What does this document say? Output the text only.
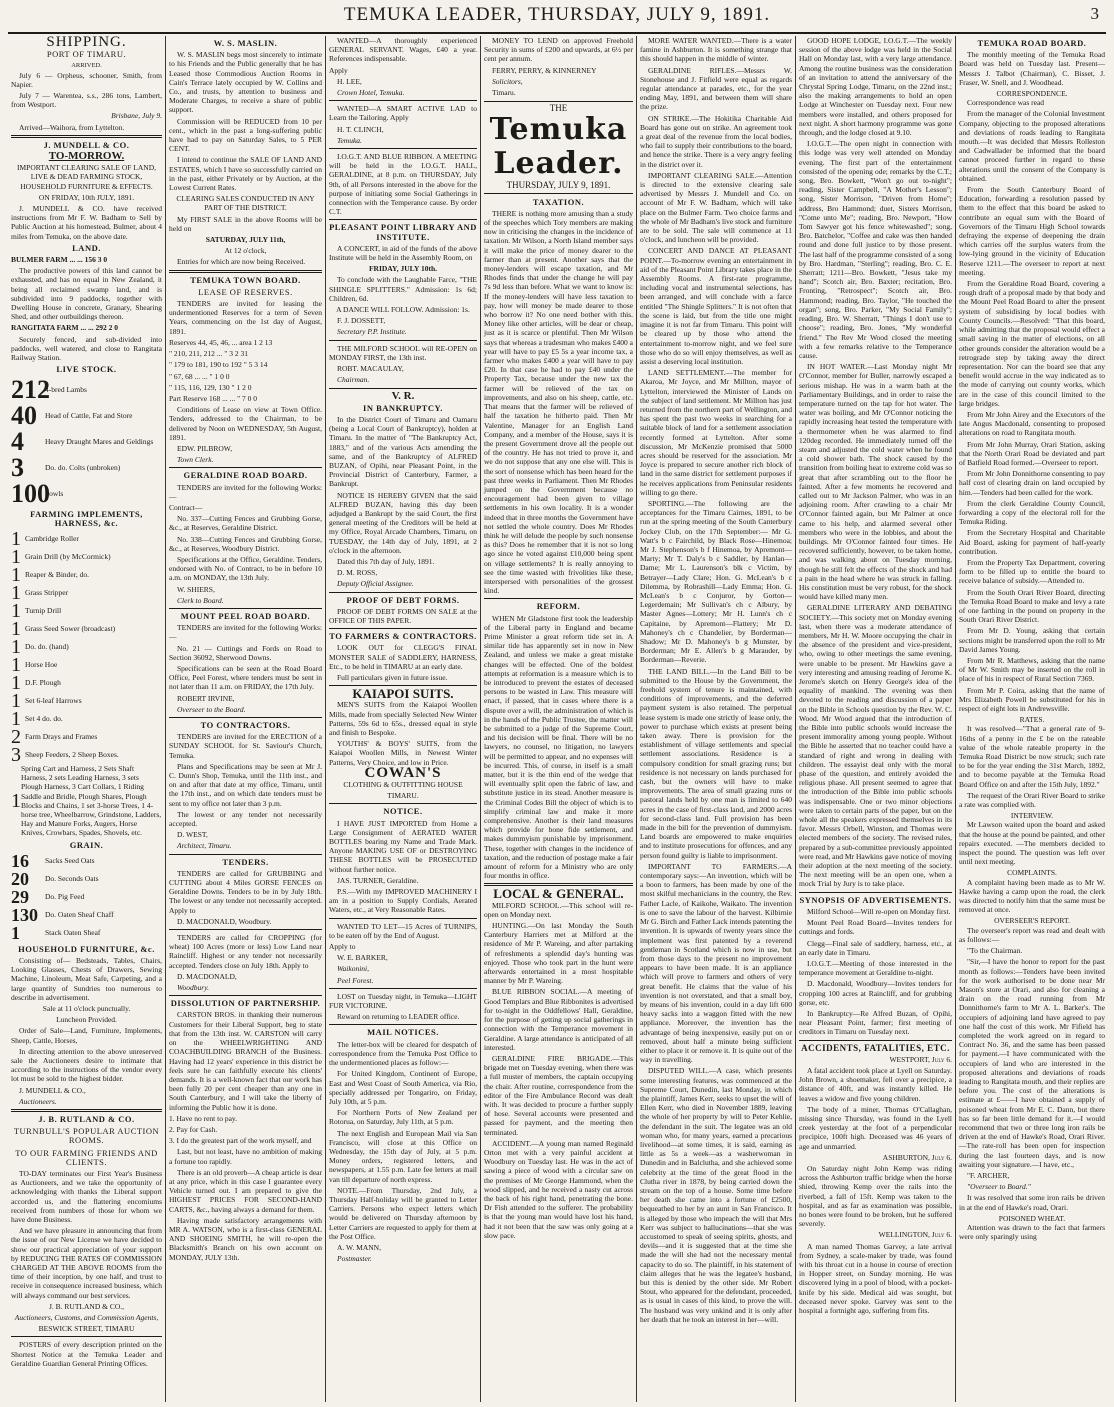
TEMUKA LEADER, THURSDAY, JULY 9, 1891.	3
SHIPPING.
PORT OF TIMARU.
ARRIVED.

July 6 — Orpheus, schooner, Smith, from Napier.

July 7 — Warentea, s.s., 286 tons, Lambert, from Westport.

Brisbane, July 9.

Arrived—Waihora, from Lyttelton.

J. MUNDELL & CO.
TO-MORROW.

IMPORTANT CLEARING SALE OF LAND, LIVE & DEAD FARMING STOCK, HOUSEHOLD FURNITURE & EFFECTS.

ON FRIDAY, 10th JULY, 1891.

J. MUNDELL & CO. have received instructions from Mr F. W. Badham to Sell by Public Auction at his homestead, Bulmer, about 4 miles from Temuka, on the above date.

LAND.

BULMER FARM ... ... 156 3 0

The productive powers of this land cannot be exhausted, and has no equal in New Zealand, it being all reclaimed swamp land, and is subdivided into 9 paddocks, together with Dwelling House in concrete, Granary, Shearing Shed, and other outbuildings thereon.

RANGITATA FARM ... ... 292 2 0

Securely fenced, and sub-divided into paddocks, well watered, and close to Rangitata Railway Station.

LIVE STOCK.
212
4-bred Lambs
40	Head of Cattle, Fat and Store
4	Heavy Draught Mares and Geldings
3	Do. do. Colts (unbroken)
100
Fowls
FARMING IMPLEMENTS, HARNESS, &c.
1 Cambridge Roller
1 Grain Drill (by McCormick)
1 Reaper & Binder, do.
1 Grass Stripper
1 Turnip Drill
1 Grass Seed Sower (broadcast)
1 Do. do. (hand)
1 Horse Hoe
1 D.F. Plough
1 Set 6-leaf Harrows
1 Set 4 do. do.
2 Farm Drays and Frames
3 Sheep Feeders, 2 Sheep Boxes.
1
Spring Cart and Harness, 2 Sets Shaft Harness, 2 sets Leading Harness, 3 sets Plough Harness, 3 Cart Collars, 1 Riding Saddle and Bridle, Plough Shares, Plough Blocks and Chains, 1 set 3-horse Trees, 1 4-horse tree, Wheelbarrow, Grindstone, Ladders, Hay and Manure Forks, Augers, Horse Knives, Crowbars, Spades, Shovels, etc.
GRAIN.
16	Sacks Seed Oats
20	Do. Seconds Oats
29	Do. Pig Feed
130 Do. Oaten Sheaf Chaff
1	Stack Oaten Sheaf
HOUSEHOLD FURNITURE, &c.

Consisting of— Bedsteads, Tables, Chairs, Looking Glasses, Chests of Drawers, Sewing Machine, Linoleum, Meat Safe, Carpeting, and a large quantity of Sundries too numerous to describe in advertisement.

Sale at 11 o'clock punctually.

Luncheon Provided.

Order of Sale—Land, Furniture, Implements, Sheep, Cattle, Horses,

In directing attention to the above unreserved sale the Auctioneers desire to intimate that according to the instructions of the vendor every lot must be sold to the highest bidder.

J. MUNDELL & CO.,

Auctioneers.

J. B. RUTLAND & CO.
TURNBULL'S POPULAR AUCTION ROOMS.
TO OUR FARMING FRIENDS AND CLIENTS.

TO-DAY terminates our First Year's Business as Auctioneers, and we take the opportunity of acknowledging with thanks the Liberal support accorded us, and the flattering encomiums received from numbers of those for whom we have done Business.

And we have pleasure in announcing that from the issue of our New License we have decided to show our practical appreciation of your support by REDUCING THE RATES OF COMMISSION CHARGED AT THE ABOVE ROOMS from the time of their inception, by one half, and trust to receive in consequence increased business, which will always command our best services.

J. B. RUTLAND & CO.,

Auctioneers, Customs, and Commission Agents,

BESWICK STREET, TIMARU

POSTERS of every description printed on the Shortest Notice at the Temuka Leader and Geraldine Guardian General Printing Offices.

W. S. MASLIN.

W. S. MASLIN begs most sincerely to intimate to his Friends and the Public generally that he has Leased those Commodious Auction Rooms in Cain's Terrace lately occupied by W. Collins and Co., and trusts, by attention to business and Moderate Charges, to receive a share of public support.

Commission will be REDUCED from 10 per cent., which in the past a long-suffering public have had to pay on Saturday Sales, to 5 PER CENT.

I intend to continue the SALE OF LAND AND ESTATES, which I have so successfully carried on in the past, either Privately or by Auction, at the Lowest Current Rates.

CLEARING SALES CONDUCTED IN ANY PART OF THE DISTRICT.

My FIRST SALE in the above Rooms will be held on

SATURDAY, JULY 11th,

At 12 o'clock,

Entries for which are now being Received.

TEMUKA TOWN BOARD.
LEASE OF RESERVES.

TENDERS are invited for leasing the undermentioned Reserves for a term of Seven Years, commencing on the 1st day of August, 1891.

Reserves 44, 45, 46, ... area 1 2 13

" 210, 211, 212 ... " 3 2 31

" 179 to 181, 190 to 192 " 5 3 14

" 67, 68 ... ... " 1 0 0

" 115, 116, 129, 130 " 1 2 0

Part Reserve 168 ... ... " 7 0 0

Conditions of Lease on view at Town Office. Tenders, addressed to the Chairman, to be delivered by Noon on WEDNESDAY, 5th August, 1891.

EDW. PILBROW,

Town Clerk.

GERALDINE ROAD BOARD.

TENDERS are invited for the following Works:—

Contract—

No. 337—Cutting Fences and Grubbing Gorse, &c., at Reserves, Geraldine District.

No. 338—Cutting Fences and Grubbing Gorse, &c., at Reserves, Woodbury District.

Specifications at the Office, Geraldine. Tenders, endorsed with No. of Contract, to be in before 10 a.m. on MONDAY, the 13th July.

W. SHIERS,

Clerk to Board.

MOUNT PEEL ROAD BOARD.

TENDERS are invited for the following Works:—

No. 21 — Cuttings and Fords on Road to Section 36092, Sherwood Downs.

Specifications can be seen at the Road Board Office, Peel Forest, where tenders must be sent in not later than 11 a.m. on FRIDAY, the 17th July.

ROBERT IRVINE,

Overseer to the Board.

TO CONTRACTORS.

TENDERS are invited for the ERECTION of a SUNDAY SCHOOL for St. Saviour's Church, Temuka.

Plans and Specifications may be seen at Mr J. C. Dunn's Shop, Temuka, until the 11th inst., and on and after that date at my office, Timaru, until the 17th inst., and on which date tenders must be sent to my office not later than 3 p.m.

The lowest or any tender not necessarily accepted.

D. WEST,

Architect, Timaru.

TENDERS.

TENDERS are called for GRUBBING and CUTTING about 4 Miles GORSE FENCES on Geraldine Downs. Tenders to be in by July 18th. The lowest or any tender not necessarily accepted. Apply to

D. MACDONALD, Woodbury.

TENDERS are called for CROPPING (for wheat) 100 Acres (more or less) Low Land near Raincliff. Highest or any tender not necessarily accepted. Tenders close on July 18th. Apply to

D. MACDONALD,

Woodbury.

DISSOLUTION OF PARTNERSHIP.

CARSTON BROS. in thanking their numerous Customers for their Liberal Support, beg to state that from the 13th inst. W. CARSTON will carry on the WHEELWRIGHTING AND COACHBUILDING BRANCH of the Business. Having had 12 years' experience in this district he feels sure he can faithfully execute his clients' demands. It is a well-known fact that our work has been fully 20 per cent cheaper than any one in South Canterbury, and I will take the liberty of informing the Public how it is done.

1. Have no rent to pay.

2. Pay for Cash.

3. I do the greatest part of the work myself, and

Last, but not least, have no ambition of making a fortune too rapidly.

There is an old proverb—A cheap article is dear at any price, which in this case I guarantee every Vehicle turned out. I am prepared to give the HIGHEST PRICES FOR SECOND-HAND CARTS, &c., having always a demand for them.

Having made satisfactory arrangements with MR A. WATSON, who is a first-class GENERAL AND SHOEING SMITH, he will re-open the Blacksmith's Branch on his own account on MONDAY, JULY 13th.

WANTED—A thoroughly experienced GENERAL SERVANT. Wages, £40 a year. References indispensable.

Apply

H. LEE,

Crown Hotel, Temuka.

WANTED—A SMART ACTIVE LAD to Learn the Tailoring. Apply

H. T. CLINCH,

Temuka.

I.O.G.T. AND BLUE RIBBON. A MEETING will be held in the I.O.G.T. HALL, GERALDINE, at 8 p.m. on THURSDAY, July 9th, of all Persons interested in the above for the purpose of initiating some Social Gatherings in connection with the Temperance cause. By order C.T.

PLEASANT POINT LIBRARY AND INSTITUTE.

A CONCERT, in aid of the funds of the above Institute will be held in the Assembly Room, on

FRIDAY, JULY 10th.

To conclude with the Laughable Farce, "THE SHINGLE SPLITTERS." Admission: 1s 6d; Children, 6d.

A DANCE WILL FOLLOW. Admission: 1s.

F. J. DOSSETT,

Secretary P.P. Institute.

THE MILFORD SCHOOL will RE-OPEN on MONDAY FIRST, the 13th inst.

ROBT. MACAULAY,

Chairman.

V. R.
IN BANKRUPTCY.

In the District Court of Timaru and Oamaru (being a Local Court of Bankruptcy), holden at Timaru. In the matter of "The Bankruptcy Act, 1883," and of the various Acts amending the same, and of the Bankruptcy of ALFRED BUZAN, of Opihi, near Pleasant Point, in the Provincial District of Canterbury, Farmer, a Bankrupt.

NOTICE IS HEREBY GIVEN that the said ALFRED BUZAN, having this day been adjudged a Bankrupt by the said Court, the first general meeting of the Creditors will be held at my Office, Royal Arcade Chambers, Timaru, on TUESDAY, the 14th day of July, 1891, at 2 o'clock in the afternoon.

Dated this 7th day of July, 1891.

D. M. ROSS,

Deputy Official Assignee.

PROOF OF DEBT FORMS.

PROOF OF DEBT FORMS ON SALE at the OFFICE OF THIS PAPER.

TO FARMERS & CONTRACTORS.

LOOK OUT for CLEGG'S FINAL MONSTER SALE of SADDLERY, HARNESS, Etc., to be held in TIMARU at an early date.

Full particulars given in future issue.

KAIAPOI SUITS.

MEN'S SUITS from the Kaiapoi Woollen Mills, made from specially Selected New Winter Patterns, 59s 6d to 65s., dressed equal in style and finish to Bespoke.

YOUTHS' & BOYS' SUITS, from the Kaiapoi Woollen Mills, in Newest Winter Patterns, Very Choice, and low in Price.

COWAN'S

CLOTHING & OUTFITTING HOUSE

TIMARU.

NOTICE.

I HAVE JUST IMPORTED from Home a Large Consignment of AERATED WATER BOTTLES bearing my Name and Trade Mark. Anyone MAKING USE OF or DESTROYING THESE BOTTLES will be PROSECUTED without further notice.

JAS. TURNER, Geraldine.

P.S.—With my IMPROVED MACHINERY I am in a position to Supply Cordials, Aerated Waters, etc., at Very Reasonable Rates.

WANTED TO LET—15 Acres of TURNIPS, to be eaten off by the End of August.

Apply to

W. E. BARKER,

Waikonini,

Peel Forest.

LOST on Tuesday night, in Temuka—LIGHT FUR VICTORINE.

Reward on returning to LEADER office.

MAIL NOTICES.

The letter-box will be cleared for despatch of correspondence from the Temuka Post Office to the undermentioned places as follow:—

For United Kingdom, Continent of Europe, East and West Coast of South America, via Rio, specially addressed per Tongariro, on Friday, July 10th, at 5 p.m.

For Northern Ports of New Zealand per Rotorua, on Saturday, July 11th, at 5 p.m.

The next English and European Mail via San Francisco, will close at this Office on Wednesday, the 15th day of July, at 5 p.m. Money orders, registered letters, and newspapers, at 1.55 p.m. Late fee letters at mail van till departure of north express.

NOTE.—From Thursday, 2nd July, a Thursday Half-holiday will be granted to Letter Carriers. Persons who expect letters which would be delivered on Thursday afternoon by Letter Carriers are requested to apply for them at the Post Office.

A. W. MANN,

Postmaster.

MONEY TO LEND on approved Freehold Security in sums of £200 and upwards, at 6½ per cent per annum.

FERRY, PERRY, & KINNERNEY

Solicitors,

Timaru.

THE
Temuka Leader.
THURSDAY, JULY 9, 1891.
TAXATION.

THERE is nothing more amusing than a study of the speeches which Tory members are making now in criticising the changes in the incidence of taxation. Mr Wilson, a North Island member says it will make the price of money dearer to the farmer than at present. Another says that the money-lenders will escape taxation, and Mr Rhodes finds that under the change he will pay 7s 9d less than before. What we want to know is: If the money-lenders will have less taxation to pay, how will money be made dearer to those who borrow it? No one need bother with this. Money like other articles, will be dear or cheap, just as it is scarce or plentiful. Then Mr Wilson says that whereas a tradesman who makes £400 a year will have to pay £5 5s a year income tax, a farmer who makes £400 a year will have to pay £20. In that case he had to pay £40 under the Property Tax, because under the new tax the farmer will be relieved of the tax on improvements, and also on his sheep, cattle, etc. That means that the farmer will be relieved of half the taxation he hitherto paid. Then Mr Valentine, Manager for an English Land Company, and a member of the House, says it is the present Government drove all the people out of the country. He has not tried to prove it, and we do not suppose that any one else will. This is the sort of nonsense which has been heard for the past three weeks in Parliament. Then Mr Rhodes jumped on the Government because no encouragement had been given to village settlements in his own locality. It is a wonder indeed that in three months the Government have not settled the whole country. Does Mr Rhodes think he will delude the people by such nonsense as this? Does he remember that it is not so long ago since he voted against £10,000 being spent on village settlements? It is really annoying to see the time wasted with frivolities like these, interspersed with personalities of the grossest kind.

REFORM.

WHEN Mr Gladstone first took the leadership of the Liberal party in England and became Prime Minister a great reform tide set in. A similar tide has apparently set in now in New Zealand, and unless we make a great mistake changes will be effected. One of the boldest attempts at reformation is a measure which is to be introduced to prevent the estates of deceased persons to be wasted in Law. This measure will enact, if passed, that in cases where there is a dispute over a will, the administration of which is in the hands of the Public Trustee, the matter will be submitted to a judge of the Supreme Court, and his decision will be final. There will be no lawyers, no counsel, no litigation, no lawyers will be permitted to appear, and no expenses will be incurred. This, of course, in itself is a small matter, but it is the thin end of the wedge that will eventually split open the fabric of law, and substitute justice in its stead. Another measure is the Criminal Codes Bill the object of which is to simplify criminal law and make it more comprehensive. Another is their land measures which provide for bone fide settlement, and makes dummyism punishable by imprisonment. These, together with changes in the incidence of taxation, and the reduction of postage make a fair amount of reform for a Ministry who are only four months in office.

LOCAL & GENERAL.

MILFORD SCHOOL.—This school will re-open on Monday next.

HUNTING.—On last Monday the South Canterbury Harriers met at Milford at the residence of Mr P. Wareing, and after partaking of refreshments a splendid day's hunting was enjoyed. Those who took part in the hunt were afterwards entertained in a most hospitable manner by Mr P. Wareing.

BLUE RIBBON SOCIAL.—A meeting of Good Templars and Blue Ribbonites is advertised for to-night in the Oddfellows' Hall, Geraldine, for the purpose of getting up social gatherings in connection with the Temperance movement in Geraldine. A large attendance is anticipated of all interested.

GERALDINE FIRE BRIGADE.—This brigade met on Tuesday evening, when there was a full muster of members, the captain occupying the chair. After routine, correspondence from the editor of the Fire Ambulance Record was dealt with. It was decided to procure a further supply of hose. Several accounts were presented and passed for payment, and the meeting then terminated.

ACCIDENT.—A young man named Reginald Orton met with a very painful accident at Woodbury on Tuesday last. He was in the act of sawing a piece of wood with a circular saw on the premises of Mr George Hammond, when the wood slipped, and he received a nasty cut across the back of his right hand, penetrating the bone. Dr Fish attended to the sufferer. The probability is that the young man would have lost his hand, had it not been that the saw was only going at a slow pace.

MORE WATER WANTED.—There is a water famine in Ashburton. It is something strange that this should happen in the middle of winter.

GERALDINE RIFLES.—Messrs W. Stonehouse and J. Fitfield were equal as regards regular attendance at parades, etc., for the year ending May, 1891, and between them will share the prize.

ON STRIKE.—The Hokitika Charitable Aid Board has gone out on strike. An agreement took a great deal of the revenue from the local bodies, who fail to supply their contributions to the board, and hence the strike. There is a very angry feeling in the district over it.

IMPORTANT CLEARING SALE.—Attention is directed to the extensive clearing sale advertised by Messrs J. Mundell and Co. on account of Mr F. W. Badham, which will take place on the Bulmer Farm. Two choice farms and the whole of Mr Badham's live stock and furniture are to be sold. The sale will commence at 11 o'clock, and luncheon will be provided.

CONCERT AND DANCE AT PLEASANT POINT.—To-morrow evening an entertainment in aid of the Pleasant Point Library takes place in the Assembly Rooms. A first-rate programme, including vocal and instrumental selections, has been arranged, and will conclude with a farce entitled "The Shingle Splitters." It is not often that the scene is laid, but from the title one might imagine it is not far from Timaru. This point will be cleared up by those who attend the entertainment to-morrow night, and we feel sure those who do so will enjoy themselves, as well as assist a deserving local institution.

LAND SETTLEMENT.—The member for Akaroa, Mr Joyce, and Mr Millton, mayor of Lyttelton, interviewed the Minister of Lands on the subject of land settlement. Mr Millton has just returned from the northern part of Wellington, and has spent the past two weeks in searching for a suitable block of land for a settlement association recently formed at Lyttelton. After some discussion, Mr McKenzie promised that 5000 acres should be reserved for the association. Mr Joyce is prepared to secure another rich block of land in the same district for settlement purposes if he receives applications from Peninsular residents willing to go there.

SPORTING.—The following are the acceptances for the Timaru Cairnes, 1891, to be run at the spring meeting of the South Canterbury Jockey Club, on the 17th September:— Mr G. Watt's b c Fairchild, by Black Rose—Hinemoa; Mr J. Stephenson's b f Hinemoa, by Apremont—Marty; Mr T. Daly's b c Saddler, by Hanlan—Dame; Mr L. Laurenson's blk c Victim, by Betrayer—Lady Clare; Hon. G. McLean's b c Dilemma, by Robrashill—Lady Emma; Hon. G. McLean's b c Conjuror, by Gorton—Legerdemain; Mr Sullivan's ch c Albury, by Master Agnes—Lottery; Mr H. Lunn's ch c Capitaine, by Apremont—Flattery; Mr D. Mahoney's ch c Chandelier, by Borderman—Shadow; Mr D. Mahoney's b g Munster, by Borderman; Mr E. Allen's b g Marauder, by Borderman—Reverie.

THE LAND BILL.—In the Land Bill to be submitted to the House by the Government, the freehold system of tenure is maintained, with conditions of improvements, and the deferred payment system is also retained. The perpetual lease system is made one strictly of lease only, the power to purchase which exists at present being taken away. There is provision for the establishment of village settlements and special settlement associations. Residence is a compulsory condition for small grazing runs; but residence is not necessary on lands purchased for cash, but the owners will have to make improvements. The area of small grazing runs or pastoral lands held by one man is limited to 640 acres in the case of first-class land, and 2000 acres for second-class land. Full provision has been made in the bill for the prevention of dummyism. Land boards are empowered to make enquiries and to institute prosecutions for offences, and any person found guilty is liable to imprisonment.

IMPORTANT TO FARMERS.—A contemporary says:—An invention, which will be a boon to farmers, has been made by one of the most skilful mechanicians in the country, the Rev. Father Lacle, of Kaikohe, Waikato. The invention is one to save the labour of the harvest. Kilbirnie Mr G. Birch and Father Lack intends patenting the invention. It is upwards of twenty years since the implement was first patented by a reverend gentleman in Scotland which is now in use, but from those days to the present no improvement appears to have been made. It is an appliance which will prove to farmers and others of very great benefit. He claims that the value of his invention is not overstated, and that a small boy, by means of his invention, could in a day lift 600 heavy sacks into a waggon fitted with the new appliance. Moreover, the invention has the advantage of being inexpensive, easily put on or removed, about half a minute being sufficient either to place it or remove it. It is quite out of the way in travelling.

DISPUTED WILL.—A case, which presents some interesting features, was commenced at the Supreme Court, Dunedin, last Monday, in which the plaintiff, James Kerr, seeks to upset the will of Ellen Kerr, who died in November 1889, leaving the whole of her property by will to Peter Kehlie, the defendant in the suit. The legatee was an old woman who, for many years, earned a precarious livelihood—at some times, it is said, earning as little as 5s a week—as a washerwoman in Dunedin and in Balclutha, and she achieved some celebrity at the time of the great flood in the Clutha river in 1878, by being carried down the stream on the top of a house. Some time before her death she came into a fortune of £2500, bequeathed to her by an aunt in San Francisco. It is alleged by those who impeach the will that Mrs Kerr was subject to hallucinations—that she was accustomed to speak of seeing spirits, ghosts, and devils—and it is suggested that at the time she made the will she had not the necessary mental capacity to do so. The plaintiff, in his statement of claim alleges that he was the legatee's husband, but this is denied by the other side. Mr Robert Stout, who appeared for the defendant, proceeded, as is usual in cases of this kind, to prove the will. The husband was very unkind and it is only after her death that he took an interest in her—will.

GOOD HOPE LODGE, I.O.G.T.—The weekly session of the above lodge was held in the Social Hall on Monday last, with a very large attendance. Among the routine business was the consideration of an invitation to attend the anniversary of the Chrystal Spring Lodge, Timaru, on the 22nd inst.; also the making arrangements to hold an open Lodge at Winchester on Tuesday next. Four new members were installed, and others proposed for next night. A short harmony programme was gone through, and the lodge closed at 9.10.

I.O.G.T.—The open night in connection with this lodge was very well attended on Monday evening. The first part of the entertainment consisted of the opening ode; remarks by the C.T.; song, Bro. Bowkett, "Won't go out to-night"; reading, Sister Campbell, "A Mother's Lesson"; song, Sister Morrison, "Driven from Home"; address, Bro Hammond; duet, Sisters Morrison, "Come unto Me"; reading, Bro. Newport, "How Tom Sawyer got his fence whitewashed"; song, Bro. Batchelor, "Coffee and cake was then handed round and done full justice to by those present. The last half of the programme consisted of a song by Bro. Hardman, "Sterling"; reading, Bro. C. E. Sherratt; 1211—Bro. Bowkett, "Jesus take my hand"; Scotch air, Bro. Baxter; recitation, Bro. Fronting, "Retrospect"; Scotch air, Bro. Hammond; reading, Bro. Taylor, "He touched the organ"; song, Bro. Parker, "My Social Family"; reading, Bro. W. Sherratt, "Things I don't use to choose"; reading, Bro. Jones, "My wonderful friend." The Rev Mr Wood closed the meeting with a few remarks relative to the Temperance cause.

IN HOT WATER.—Last Monday night Mr O'Connor, member for Buller, narrowly escaped a serious mishap. He was in a warm bath at the Parliamentary Buildings, and in order to raise the temperature turned on the tap for hot water. The water was boiling, and Mr O'Connor noticing the rapidly increasing heat tested the temperature with a thermometer when he was alarmed to find 120deg recorded. He immediately turned off the steam and adjusted the cold water when he found a cold shower bath. The shock caused by the transition from boiling heat to extreme cold was so great that after scrambling out to the floor he fainted. After a few moments he recovered and called out to Mr Jackson Palmer, who was in an adjoining room. After crawling to a chair Mr O'Connor fainted again, but Mr Palmer at once came to his help, and alarmed several other members who were in the lobbies, and about the buildings. Mr O'Connor fainted four times. He recovered sufficiently, however, to be taken home, and was walking about on Tuesday morning, though he still felt the effects of the shock and had a pain in the head where he was struck in falling. His constitution must be very robust, for the shock would have killed many men.

GERALDINE LITERARY AND DEBATING SOCIETY.—This society met on Monday evening last, when there was a moderate attendance of members, Mr H. W. Moore occupying the chair in the absence of the president and vice-president, who, owing to other meetings the same evening, were unable to be present. Mr Hawkins gave a very interesting and amusing reading of Jerome K. Jerome's sketch on Henry George's idea of the equality of mankind. The evening was then devoted to the reading and discussion of a paper on the Bible in Schools question by the Rev. W. C. Wood. Mr Wood argued that the introduction of the Bible into public schools would increase the present immorality among young people. Without the Bible he asserted that no teacher could have a standard of right and wrong in dealing with children. The essayist deal only with the moral phase of the question, and entirely avoided the religious phase. All present seemed to agree that the introduction of the Bible into public schools was indispensable. One or two minor objections were taken to certain parts of the paper, but on the whole all the speakers expressed themselves in its favor. Messrs Orbell, Winston, and Thomas were elected members of the society. The revised rules, prepared by a sub-committee previously appointed were read, and Mr Hawkins gave notice of moving their adoption at the next meeting of the society. The next meeting will be an open one, when a mock Trial by Jury is to take place.

SYNOPSIS OF ADVERTISEMENTS.

Milford School—Will re-open on Monday first.

Mount Peel Road Board—Invites tenders for cuttings and fords.

Clegg—Final sale of saddlery, harness, etc., at an early date in Timaru.

I.O.G.T.—Meeting of those interested in the temperance movement at Geraldine to-night.

D. Macdonald, Woodbury—Invites tenders for cropping 100 acres at Raincliff, and for grubbing gorse, etc.

In Bankruptcy—Re Alfred Buzan, of Opihi, near Pleasant Point, farmer; first meeting of creditors in Timaru on Tuesday next.

ACCIDENTS, FATALITIES, ETC.

WESTPORT, July 6.

A fatal accident took place at Lyell on Saturday. John Brown, a shoemaker, fell over a precipice, a distance of 40ft, and was instantly killed. He leaves a widow and five young children.

The body of a miner, Thomas O'Callaghan, missing since Thursday, was found in the Lyell creek yesterday at the foot of a perpendicular precipice, 100ft high. Deceased was 46 years of age and unmarried.

ASHBURTON, July 6.

On Saturday night John Kemp was riding across the Ashburton traffic bridge when the horse shied, throwing Kemp over the rails into the riverbed, a fall of 15ft. Kemp was taken to the hospital, and as far as examination was possible, no bones were found to be broken, but he suffered severely.

WELLINGTON, July 6.

A man named Thomas Garvey, a late arrival from Sydney, a scale-maker by trade, was found with his throat cut in a house in course of erection in Hopper street, on Sunday morning. He was discovered lying in a pool of blood, with a pocket-knife by his side. Medical aid was sought, but deceased never spoke. Garvey was sent to the hospital a fortnight ago, suffering from fits.

TEMUKA ROAD BOARD.

The monthly meeting of the Temuka Road Board was held on Tuesday last. Present—Messrs J. Talbot (Chairman), C. Bisset, J. Fraser, W. Snell, and J. Woodhead.

CORRESPONDENCE.

Correspondence was read

From the manager of the Colonial Investment Company, objecting to the proposed alterations and deviations of roads leading to Rangitata mouth.—It was decided that Messrs Rolleston and Cadwallader be informed that the board cannot proceed further in regard to these alterations until the consent of the Company is obtained.

From the South Canterbury Board of Education, forwarding a resolution passed by them to the effect that this board be asked to contribute an equal sum with the Board of Governors of the Timaru High School towards defraying the expense of deepening the drain which carries off the surplus waters from the low-lying ground in the vicinity of Education Reserve 1211.—The overseer to report at next meeting.

From the Geraldine Road Board, covering a rough draft of a proposal made by that body and the Mount Peel Road Board to alter the present system of subsidising by local bodies with County Councils.—Resolved: "That this board, while admitting that the proposal would effect a small saving in the matter of elections, on all other grounds consider the alteration would be a retrograde step by taking away the direct representation. Nor can the board see that any benefit would accrue in the way indicated as to the mode of carrying out county works, which are in the case of this council limited to the large bridges.

From Mr John Airey and the Executors of the late Angus Macdonald, consenting to proposed alterations on road to Rangitata mouth.

From Mr John Murray, Orari Station, asking that the North Orari Road be deviated and part of Batfield Road formed.—Overseer to report.

From Mr John Donnithorne consenting to pay half cost of clearing drain on land occupied by him.—Tenders had been called for the work.

From the clerk Geraldine County Council, forwarding a copy of the electoral roll for the Temuka Riding.

From the Secretary Hospital and Charitable Aid Board, asking for payment of half-yearly contribution.

From the Property Tax Department, covering form to be filled up to entitle the board to receive balance of subsidy.—Attended to.

From the South Orari River Board, directing the Temuka Road Board to make and levy a rate of one farthing in the pound on property in the South Orari River District.

From Mr D. Young, asking that certain sections might be transferred upon the roll to Mr David James Young.

From Mr R. Matthews, asking that the name of Mr W. Smith may be inserted on the roll in place of his in respect of Rural Section 7369.

From Mr P. Coira, asking that the name of Mrs Elizabeth Powell be substituted for his in respect of eight lots in Andrewsville.

RATES.

It was resolved—"That a general rate of 9-16ths of a penny in the £ be on the rateable value of the whole rateable property in the Temuka Road District be now struck; such rate to be for the year ending the 31st March, 1892, and to become payable at the Temuka Road Board Office on and after the 15th July, 1892."

The request of the Orari River Board to strike a rate was complied with.

INTERVIEW.

Mr Lawson waited upon the board and asked that the house at the pound be painted, and other repairs executed. —The members decided to inspect the pound. The question was left over until next meeting.

COMPLAINTS.

A complaint having been made as to Mr W. Hawke having a camp upon the road, the clerk was directed to notify him that the same must be removed at once.

OVERSEER'S REPORT.

The overseer's report was read and dealt with as follows:—

"To the Chairman.

"Sir,—I have the honor to report for the past month as follows:—Tenders have been invited for the work authorised to be done near Mr Mason's store at Orari, and also for cleaning a drain on the road running from Mr Donnithorne's farm to Mr A. L. Barker's. The occupiers of adjoining land have agreed to pay one half the cost of this work. Mr Fifield has completed the work agreed on in regard to Contract No. 36, and the same has been passed for payment.—I have communicated with the occupiers of land who are interested in the proposed alterations and deviations of roads leading to Rangitata mouth, and their replies are before you. The cost of the alterations is estimate at £——I have obtained a supply of poisoned wheat from Mr E. C. Dann, but there has so far been little demand for it.—I would recommend that two or three long iron rails be driven at the end of Hawke's Road, Orari River.—The rate-roll has been open for inspection during the last fourteen days, and is now awaiting your signature.—I have, etc.,

"F. ARCHER,

"Overseer to Board."

It was resolved that some iron rails be driven in at the end of Hawke's road, Orari.

POISONED WHEAT.

Attention was drawn to the fact that farmers were only sparingly using
